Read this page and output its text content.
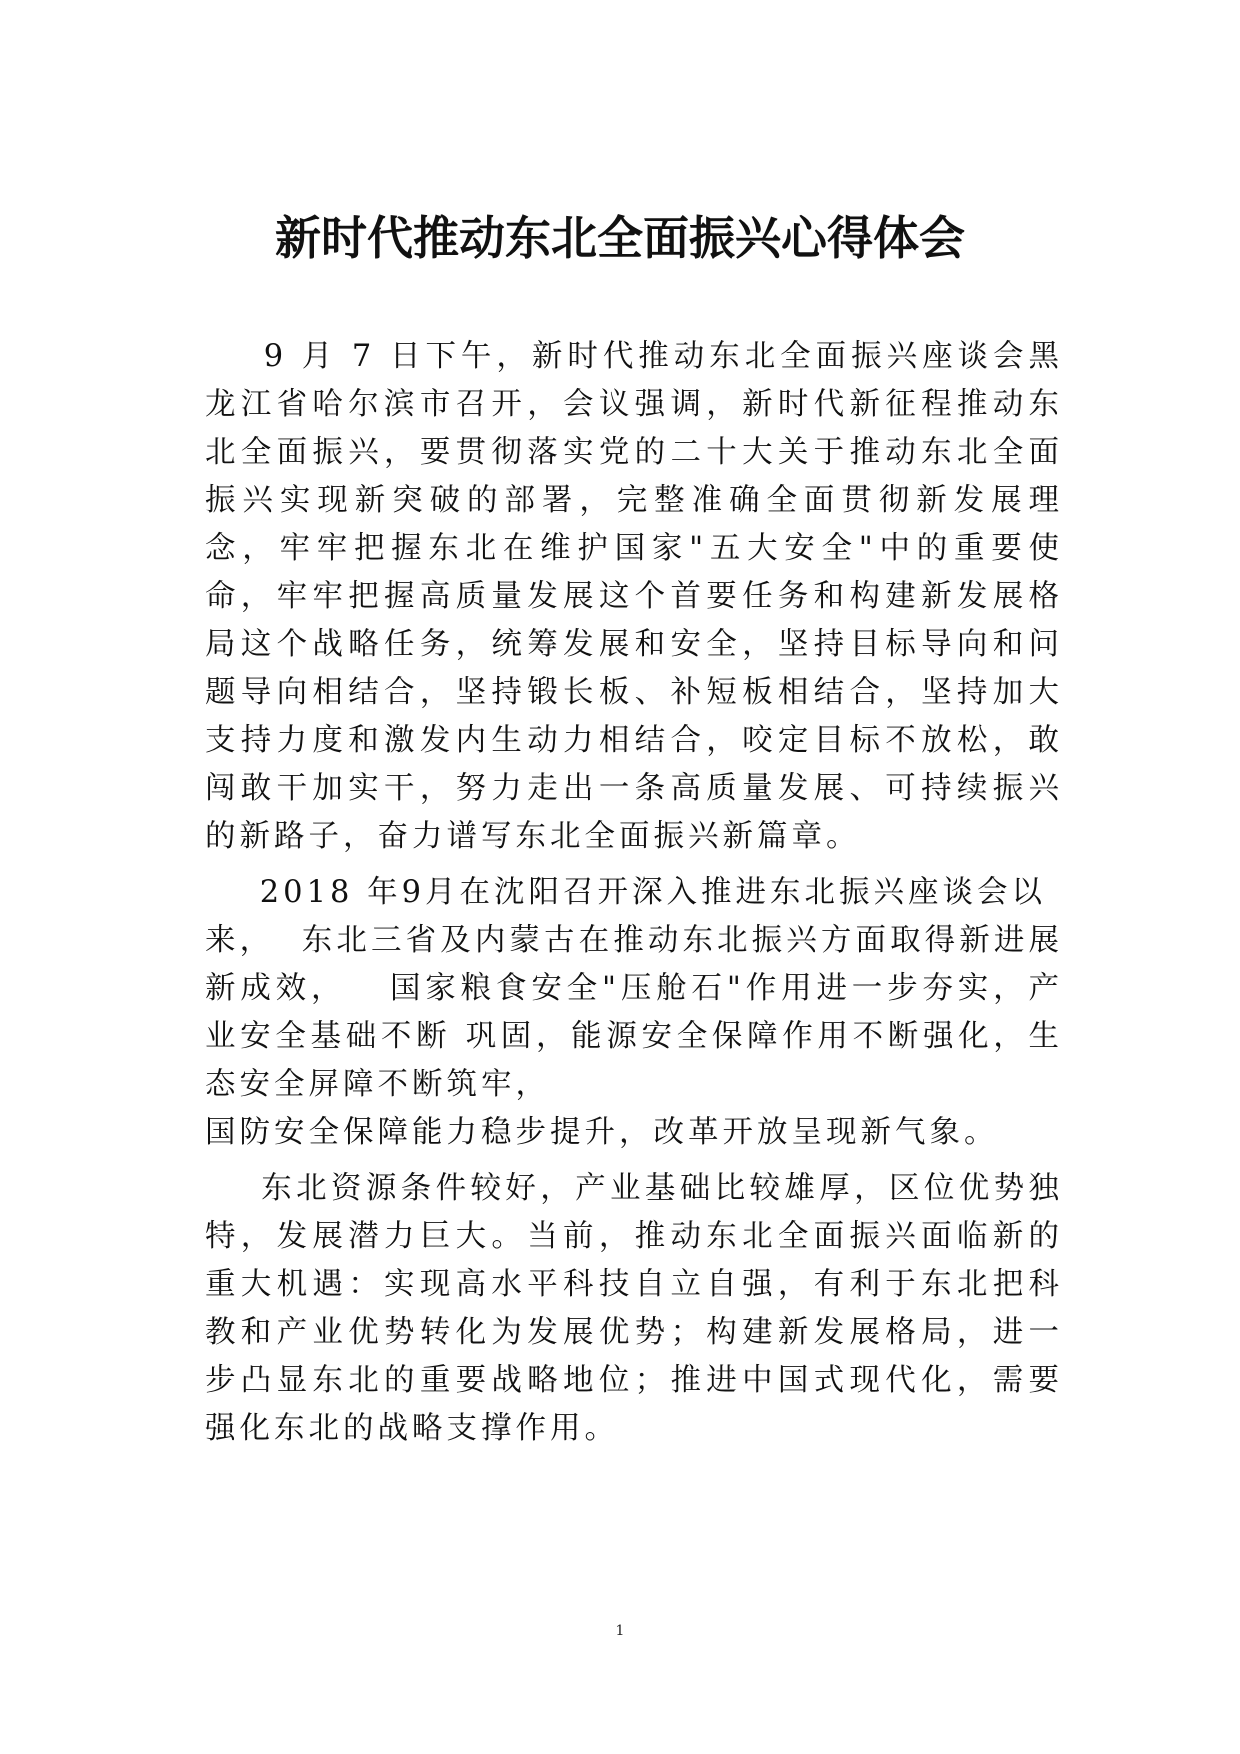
新时代推动东北全面振兴心得体会

9 月 7 日下午，新时代推动东北全面振兴座谈会黑龙江省哈尔滨市召开，会议强调，新时代新征程推动东北全面振兴，要贯彻落实党的二十大关于推动东北全面振兴实现新突破的部署，完整准确全面贯彻新发展理念，牢牢把握东北在维护国家"五大安全"中的重要使命，牢牢把握高质量发展这个首要任务和构建新发展格局这个战略任务，统筹发展和安全，坚持目标导向和问题导向相结合，坚持锻长板、补短板相结合，坚持加大支持力度和激发内生动力相结合，咬定目标不放松，敢闯敢干加实干，努力走出一条高质量发展、可持续振兴的新路子，奋力谱写东北全面振兴新篇章。

2018 年9月在沈阳召开深入推进东北振兴座谈会以
来，  东北三省及内蒙古在推动东北振兴方面取得新进展新成效，   国家粮食安全"压舱石"作用进一步夯实，产业安全基础不断 巩固，能源安全保障作用不断强化，生态安全屏障不断筑牢，
国防安全保障能力稳步提升，改革开放呈现新气象。

东北资源条件较好，产业基础比较雄厚，区位优势独特，发展潜力巨大。当前，推动东北全面振兴面临新的重大机遇：实现高水平科技自立自强，有利于东北把科教和产业优势转化为发展优势；构建新发展格局，进一步凸显东北的重要战略地位；推进中国式现代化，需要强化东北的战略支撑作用。

1
